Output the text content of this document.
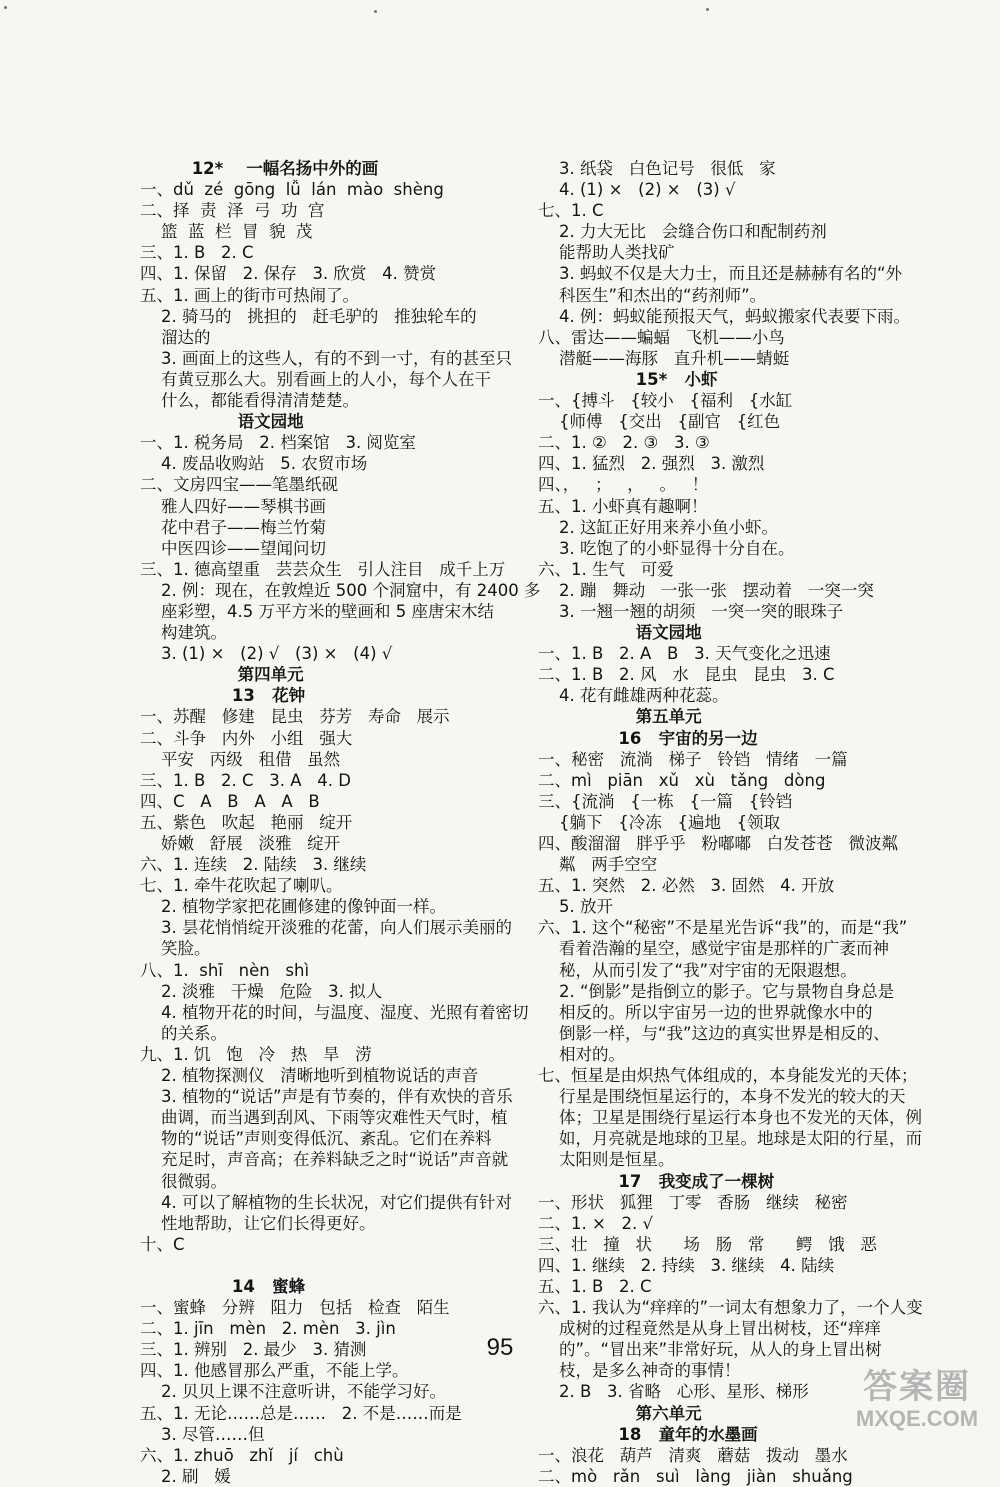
12*    一幅名扬中外的画
一、dǔ  zé  gōng  lǚ  lán  mào  shèng
二、择  责  泽  弓  功  宫
篮  蓝  栏  冒  貌  茂
三、1. B   2. C
四、1. 保留   2. 保存   3. 欣赏   4. 赞赏
五、1. 画上的街市可热闹了。
2. 骑马的   挑担的   赶毛驴的   推独轮车的
溜达的
3. 画面上的这些人，有的不到一寸，有的甚至只
有黄豆那么大。别看画上的人小，每个人在干
什么，都能看得清清楚楚。
语文园地
一、1. 税务局   2. 档案馆   3. 阅览室
4. 废品收购站   5. 农贸市场
二、文房四宝——笔墨纸砚
雅人四好——琴棋书画
花中君子——梅兰竹菊
中医四诊——望闻问切
三、1. 德高望重   芸芸众生   引人注目   成千上万
2. 例：现在，在敦煌近 500 个洞窟中，有 2400 多
座彩塑，4.5 万平方米的壁画和 5 座唐宋木结
构建筑。
3. (1) ×   (2) √   (3) ×   (4) √
第四单元
13   花钟
一、苏醒   修建   昆虫   芬芳   寿命   展示
二、斗争   内外   小组   强大
平安   丙级   租借   虽然
三、1. B   2. C   3. A   4. D
四、C   A   B   A   A   B
五、紫色   吹起   艳丽   绽开
娇嫩   舒展   淡雅   绽开
六、1. 连续   2. 陆续   3. 继续
七、1. 牵牛花吹起了喇叭。
2. 植物学家把花圃修建的像钟面一样。
3. 昙花悄悄绽开淡雅的花蕾，向人们展示美丽的
笑脸。
八、1.  shī   nèn   shì
2. 淡雅   干燥   危险   3. 拟人
4. 植物开花的时间，与温度、湿度、光照有着密切
的关系。
九、1. 饥   饱   冷   热   旱   涝
2. 植物探测仪   清晰地听到植物说话的声音
3. 植物的“说话”声是有节奏的，伴有欢快的音乐
曲调，而当遇到刮风、下雨等灾难性天气时，植
物的“说话”声则变得低沉、紊乱。它们在养料
充足时，声音高；在养料缺乏之时“说话”声音就
很微弱。
4. 可以了解植物的生长状况，对它们提供有针对
性地帮助，让它们长得更好。
十、C
14   蜜蜂
一、蜜蜂   分辨   阻力   包括   检查   陌生
二、1. jīn   mèn   2. mèn   3. jìn
三、1. 辨别   2. 最少   3. 猜测
四、1. 他感冒那么严重，不能上学。
2. 贝贝上课不注意听讲，不能学习好。
五、1. 无论……总是……   2. 不是……而是
3. 尽管……但
六、1. zhuō   zhǐ   jí   chù
2. 刷   媛
3. 纸袋   白色记号   很低   家
4. (1) ×   (2) ×   (3) √
七、1. C
2. 力大无比   会缝合伤口和配制药剂
能帮助人类找矿
3. 蚂蚁不仅是大力士，而且还是赫赫有名的“外
科医生”和杰出的“药剂师”。
4. 例：蚂蚁能预报天气，蚂蚁搬家代表要下雨。
八、雷达——蝙蝠   飞机——小鸟
潜艇——海豚   直升机——蜻蜓
15*   小虾
一、{搏斗   {较小   {福利   {水缸
{师傅   {交出   {副官   {红色
二、1. ②   2. ③   3. ③
四、1. 猛烈   2. 强烈   3. 激烈
四、，   ；   ，   。   ！
五、1. 小虾真有趣啊！
2. 这缸正好用来养小鱼小虾。
3. 吃饱了的小虾显得十分自在。
六、1. 生气   可爱
2. 蹦   舞动   一张一张   摆动着   一突一突
3. 一翘一翘的胡须   一突一突的眼珠子
语文园地
一、1. B   2. A   B   3. 天气变化之迅速
二、1. B   2. 风   水   昆虫   昆虫   3. C
4. 花有雌雄两种花蕊。
第五单元
16   宇宙的另一边
一、秘密   流淌   梯子   铃铛   情绪   一篇
二、mì   piān   xǔ   xù   tǎng   dòng
三、{流淌   {一栋   {一篇   {铃铛
{躺下   {冷冻   {遍地   {领取
四、酸溜溜   胖乎乎   粉嘟嘟   白发苍苍   微波粼
粼   两手空空
五、1. 突然   2. 必然   3. 固然   4. 开放
5. 放开
六、1. 这个“秘密”不是星光告诉“我”的，而是“我”
看着浩瀚的星空，感觉宇宙是那样的广袤而神
秘，从而引发了“我”对宇宙的无限遐想。
2. “倒影”是指倒立的影子。它与景物自身总是
相反的。所以宇宙另一边的世界就像水中的
倒影一样，与“我”这边的真实世界是相反的、
相对的。
七、恒星是由炽热气体组成的，本身能发光的天体；
行星是围绕恒星运行的，本身不发光的较大的天
体；卫星是围绕行星运行本身也不发光的天体，例
如，月亮就是地球的卫星。地球是太阳的行星，而
太阳则是恒星。
17   我变成了一棵树
一、形状   狐狸   丁零   香肠   继续   秘密
二、1. ×   2. √
三、壮   撞   状      场   肠   常      鳄   饿   恶
四、1. 继续   2. 持续   3. 继续   4. 陆续
五、1. B   2. C
六、1. 我认为“痒痒的”一词太有想象力了，一个人变
成树的过程竟然是从身上冒出树枝，还“痒痒
的”。“冒出来”非常好玩，从人的身上冒出树
枝，是多么神奇的事情！
2. B   3. 省略   心形、星形、梯形
第六单元
18   童年的水墨画
一、浪花   葫芦   清爽   蘑菇   拨动   墨水
二、mò   rǎn   suì   làng   jiàn   shuǎng
95
答案圈
MXQE.COM
